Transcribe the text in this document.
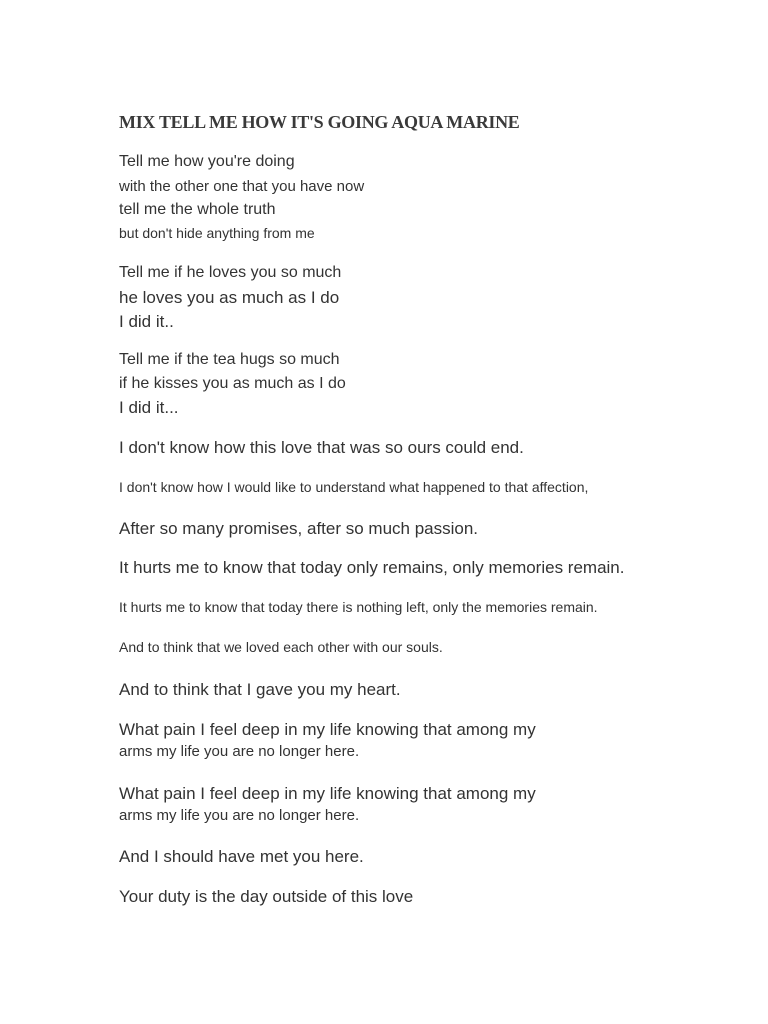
MIX TELL ME HOW IT'S GOING AQUA MARINE

Tell me how you're doing

with the other one that you have now

tell me the whole truth

but don't hide anything from me

Tell me if he loves you so much

he loves you as much as I do

I did it..

Tell me if the tea hugs so much

if he kisses you as much as I do

I did it...

I don't know how this love that was so ours could end.

I don't know how I would like to understand what happened to that affection,

After so many promises, after so much passion.

It hurts me to know that today only remains, only memories remain.

It hurts me to know that today there is nothing left, only the memories remain.

And to think that we loved each other with our souls.

And to think that I gave you my heart.

What pain I feel deep in my life knowing that among my

arms my life you are no longer here.

What pain I feel deep in my life knowing that among my

arms my life you are no longer here.

And I should have met you here.

Your duty is the day outside of this love
